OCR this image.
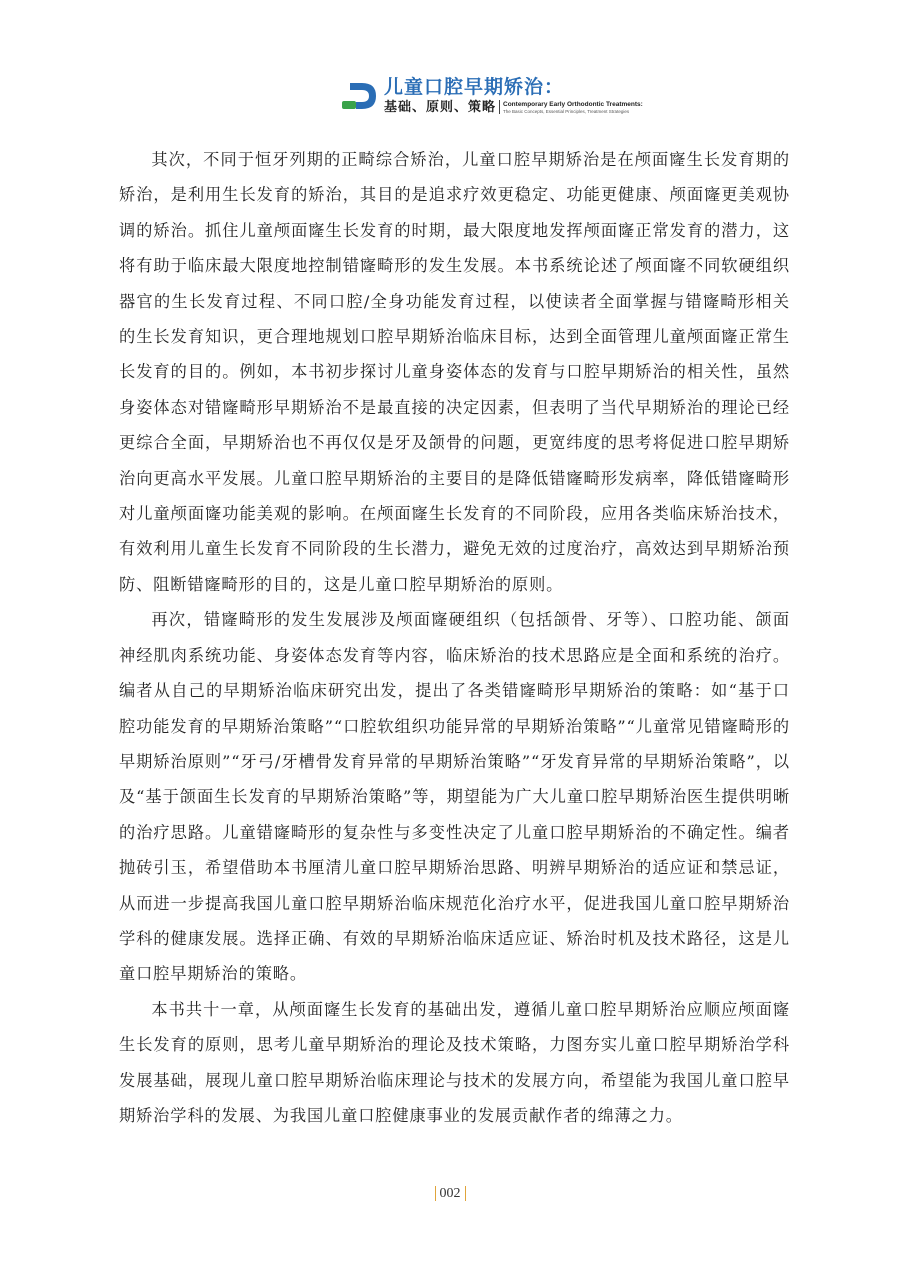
儿童口腔早期矫治：
基础、原则、策略 Contemporary Early Orthodontic Treatments:
The Basic Concepts, Essential Principles, Treatment Strategies

其次，不同于恒牙列期的正畸综合矫治，儿童口腔早期矫治是在颅面㝫生长发育期的矫治，是利用生长发育的矫治，其目的是追求疗效更稳定、功能更健康、颅面㝫更美观协调的矫治。抓住儿童颅面㝫生长发育的时期，最大限度地发挥颅面㝫正常发育的潜力，这将有助于临床最大限度地控制错㝫畸形的发生发展。本书系统论述了颅面㝫不同软硬组织器官的生长发育过程、不同口腔/全身功能发育过程，以使读者全面掌握与错㝫畸形相关的生长发育知识，更合理地规划口腔早期矫治临床目标，达到全面管理儿童颅面㝫正常生长发育的目的。例如，本书初步探讨儿童身姿体态的发育与口腔早期矫治的相关性，虽然身姿体态对错㝫畸形早期矫治不是最直接的决定因素，但表明了当代早期矫治的理论已经更综合全面，早期矫治也不再仅仅是牙及颌骨的问题，更宽纬度的思考将促进口腔早期矫治向更高水平发展。儿童口腔早期矫治的主要目的是降低错㝫畸形发病率，降低错㝫畸形对儿童颅面㝫功能美观的影响。在颅面㝫生长发育的不同阶段，应用各类临床矫治技术，有效利用儿童生长发育不同阶段的生长潜力，避免无效的过度治疗，高效达到早期矫治预防、阻断错㝫畸形的目的，这是儿童口腔早期矫治的原则。

再次，错㝫畸形的发生发展涉及颅面㝫硬组织（包括颌骨、牙等）、口腔功能、颌面神经肌肉系统功能、身姿体态发育等内容，临床矫治的技术思路应是全面和系统的治疗。编者从自己的早期矫治临床研究出发，提出了各类错㝫畸形早期矫治的策略：如“基于口腔功能发育的早期矫治策略”“口腔软组织功能异常的早期矫治策略”“儿童常见错㝫畸形的早期矫治原则”“牙弓/牙槽骨发育异常的早期矫治策略”“牙发育异常的早期矫治策略”，以及“基于颌面生长发育的早期矫治策略”等，期望能为广大儿童口腔早期矫治医生提供明晰的治疗思路。儿童错㝫畸形的复杂性与多变性决定了儿童口腔早期矫治的不确定性。编者抛砖引玉，希望借助本书厘清儿童口腔早期矫治思路、明辨早期矫治的适应证和禁忌证，从而进一步提高我国儿童口腔早期矫治临床规范化治疗水平，促进我国儿童口腔早期矫治学科的健康发展。选择正确、有效的早期矫治临床适应证、矫治时机及技术路径，这是儿童口腔早期矫治的策略。

本书共十一章，从颅面㝫生长发育的基础出发，遵循儿童口腔早期矫治应顺应颅面㝫生长发育的原则，思考儿童早期矫治的理论及技术策略，力图夯实儿童口腔早期矫治学科发展基础，展现儿童口腔早期矫治临床理论与技术的发展方向，希望能为我国儿童口腔早期矫治学科的发展、为我国儿童口腔健康事业的发展贡献作者的绵薄之力。

002
